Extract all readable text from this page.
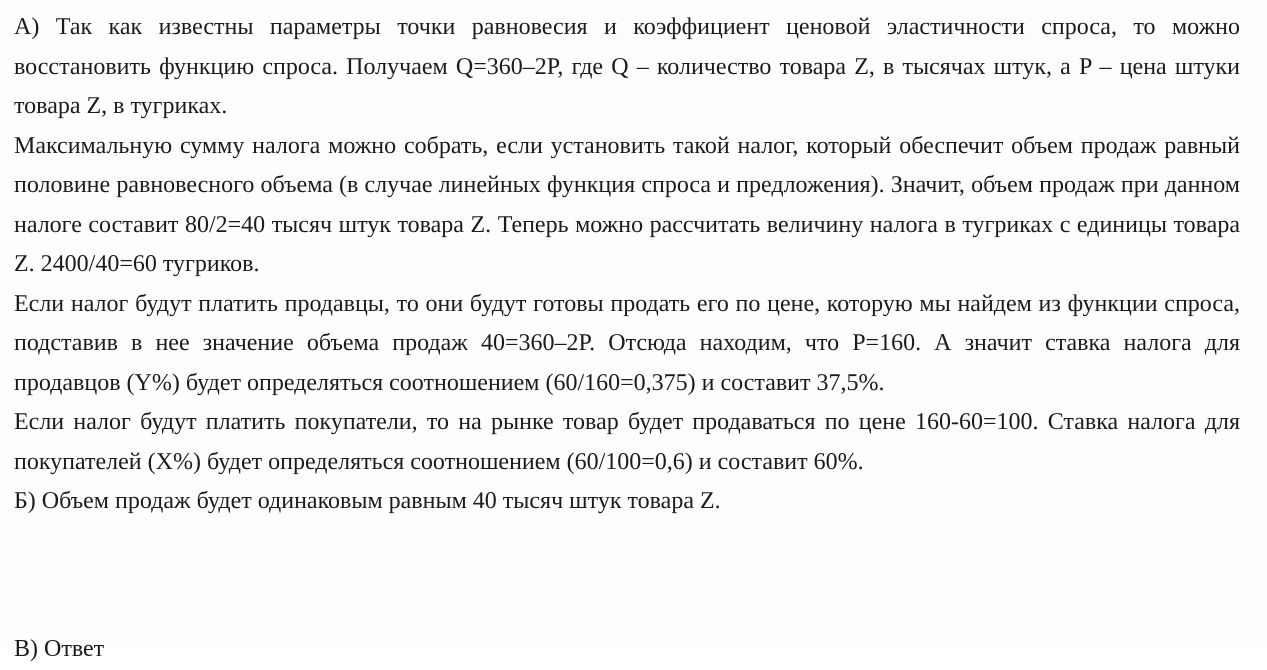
А) Так как известны параметры точки равновесия и коэффициент ценовой эластичности спроса, то можно восстановить функцию спроса. Получаем Q=360–2P, где Q – количество товара Z, в тысячах штук, а P – цена штуки товара Z, в тугриках.

Максимальную сумму налога можно собрать, если установить такой налог, который обеспечит объем продаж равный половине равновесного объема (в случае линейных функция спроса и предложения). Значит, объем продаж при данном налоге составит 80/2=40 тысяч штук товара Z. Теперь можно рассчитать величину налога в тугриках с единицы товара Z. 2400/40=60 тугриков.

Если налог будут платить продавцы, то они будут готовы продать его по цене, которую мы найдем из функции спроса, подставив в нее значение объема продаж 40=360–2P. Отсюда находим, что P=160. А значит ставка налога для продавцов (Y%) будет определяться соотношением (60/160=0,375) и составит 37,5%.

Если налог будут платить покупатели, то на рынке товар будет продаваться по цене 160-60=100. Ставка налога для покупателей (X%) будет определяться соотношением (60/100=0,6) и составит 60%.

Б) Объем продаж будет одинаковым равным 40 тысяч штук товара Z.

В) Ответ
